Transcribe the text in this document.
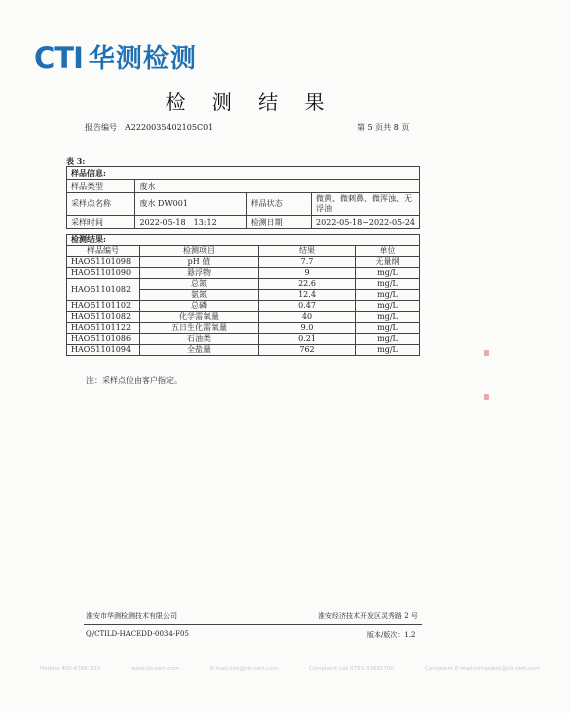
CTI 华测检测
检 测 结 果
报告编号 A2220035402105C01	第 5 页共 8 页
表 3:
样品信息:			
样品类型	废水		
采样点名称	废水 DW001	样品状态	微黄、微刺鼻、微浑浊、无浮油
采样时间	2022-05-18　13:12	检测日期	2022-05-18~2022-05-24
检测结果:			
样品编号	检测项目	结果	单位
HAO51101098	pH 值	7.7	无量纲
HAO51101090	悬浮物	9	mg/L
HAO51101082	总氮	22.6	mg/L
	氨氮	12.4	mg/L
HAO51101102	总磷	0.47	mg/L
HAO51101082	化学需氧量	40	mg/L
HAO51101122	五日生化需氧量	9.0	mg/L
HAO51101086	石油类	0.21	mg/L
HAO51101094	全盐量	762	mg/L
注：采样点位由客户指定。
淮安市华测检测技术有限公司	淮安经济技术开发区灵秀路 2 号
Q/CTILD-HACEDD-0034-F05	版本/版次：1.2
Hotline 400-6788-333	www.cti-cert.com	E-mail:info@cti-cert.com	Complaint call 0755-33681700	Complaint E-mail:complaint@cti-cert.com
